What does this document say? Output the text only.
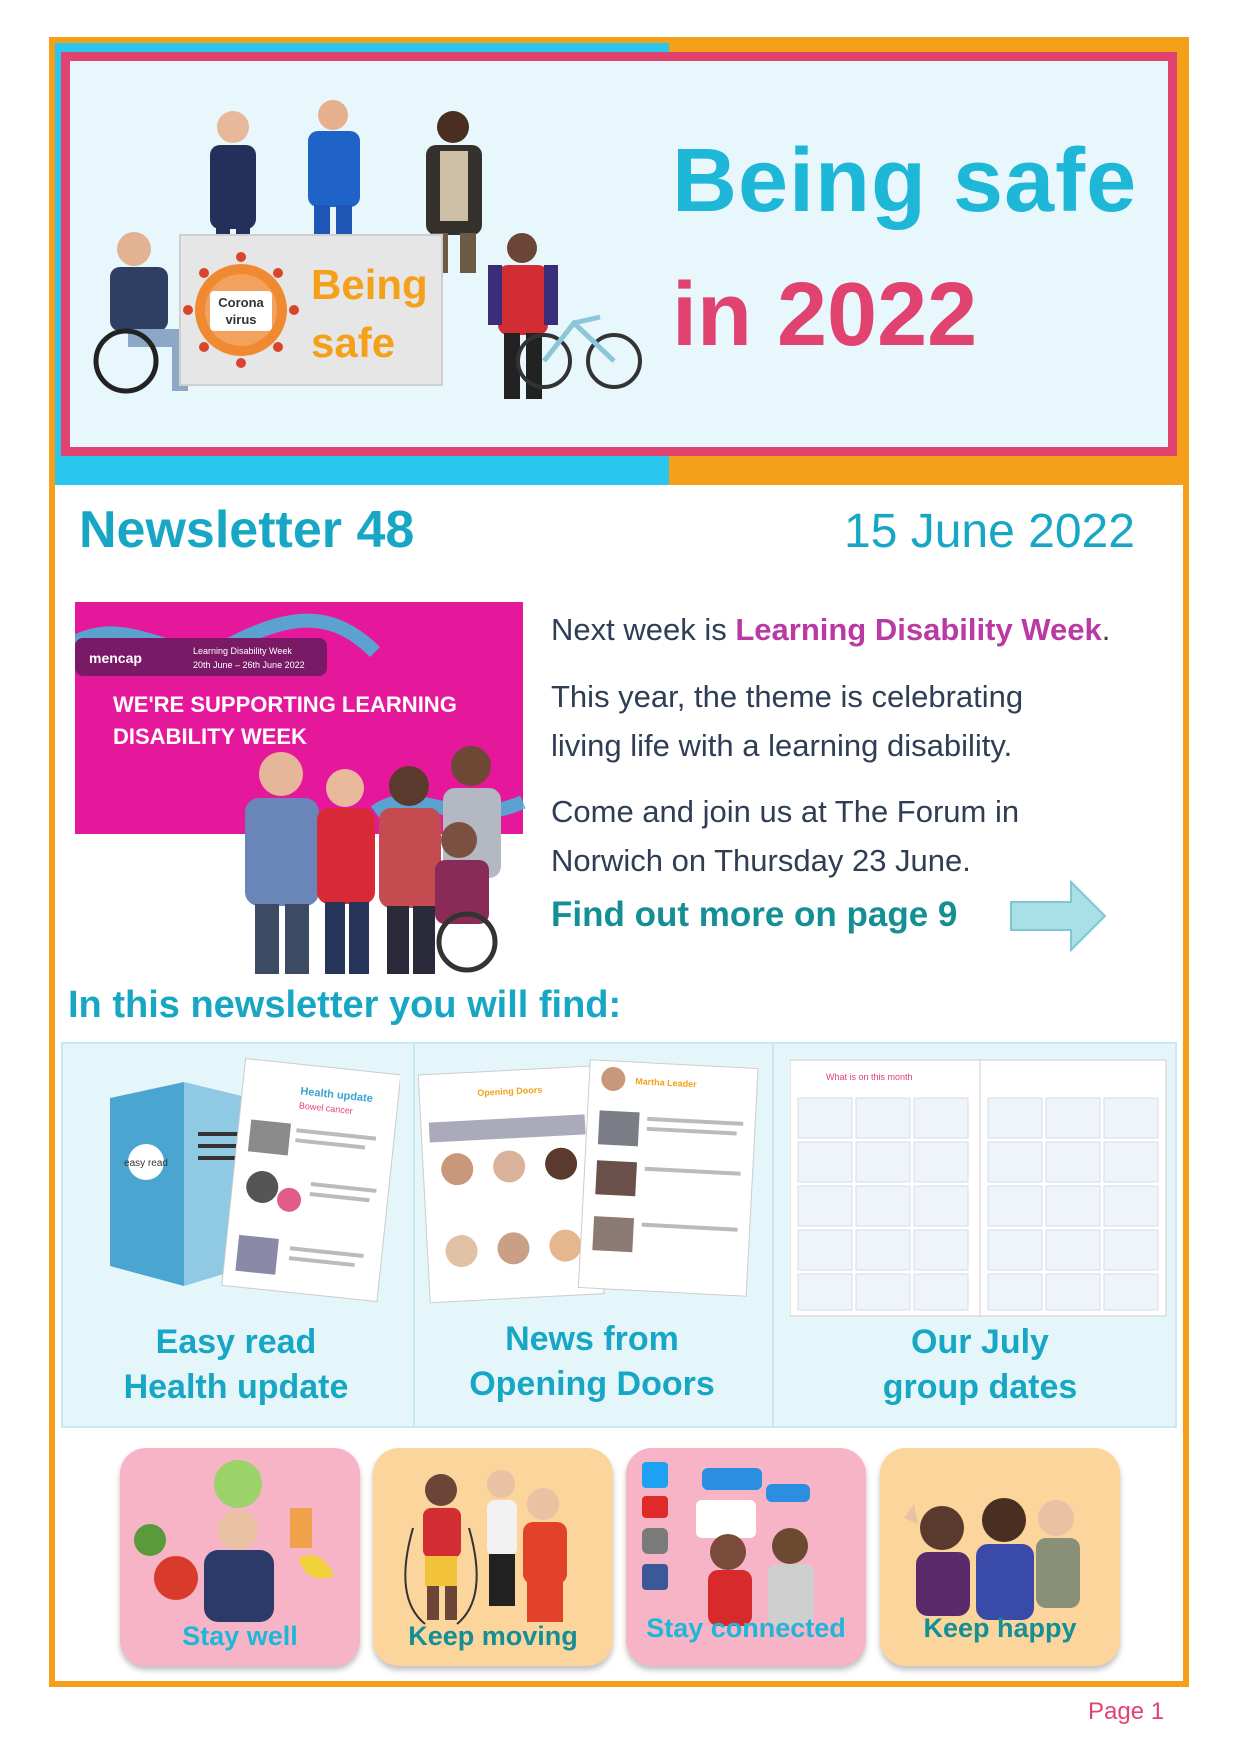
Corona
virus
Being
safe
Being safe
in 2022
Newsletter 48	15 June 2022
mencap	Learning Disability Week
20th June – 26th June 2022
WE'RE SUPPORTING LEARNING
DISABILITY WEEK
Next week is Learning Disability Week.
This year, the theme is celebrating
living life with a learning disability.
Come and join us at The Forum in
Norwich on Thursday 23 June.
Find out more on page 9
In this newsletter you will find:
easy read
Health update
Bowel cancer
Easy read
Health update
Opening Doors
Martha Leader
News from
Opening Doors
What is on this month
Our July
group dates
Stay well	Keep moving	Stay connected	Keep happy
Page 1
